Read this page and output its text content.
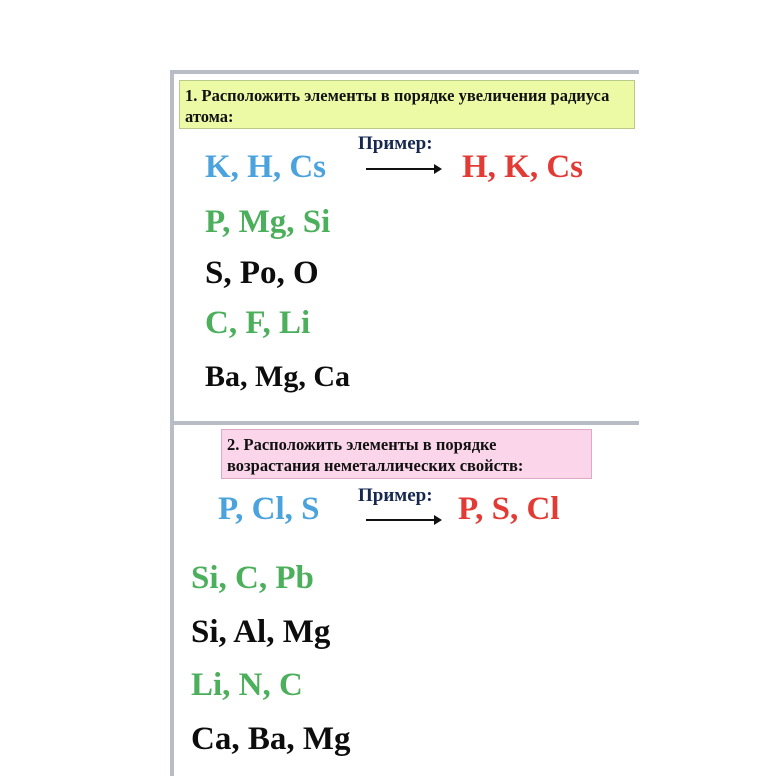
1. Расположить элементы в порядке увеличения радиуса атома:
Пример:
K, H, Cs	H, K, Cs
P, Mg, Si
S, Po, O
C, F, Li
Ba, Mg, Ca
2. Расположить элементы в порядке возрастания неметаллических свойств:
Пример:
P, Cl, S	P, S, Cl
Si, C, Pb
Si, Al, Mg
Li, N, C
Ca, Ba, Mg
